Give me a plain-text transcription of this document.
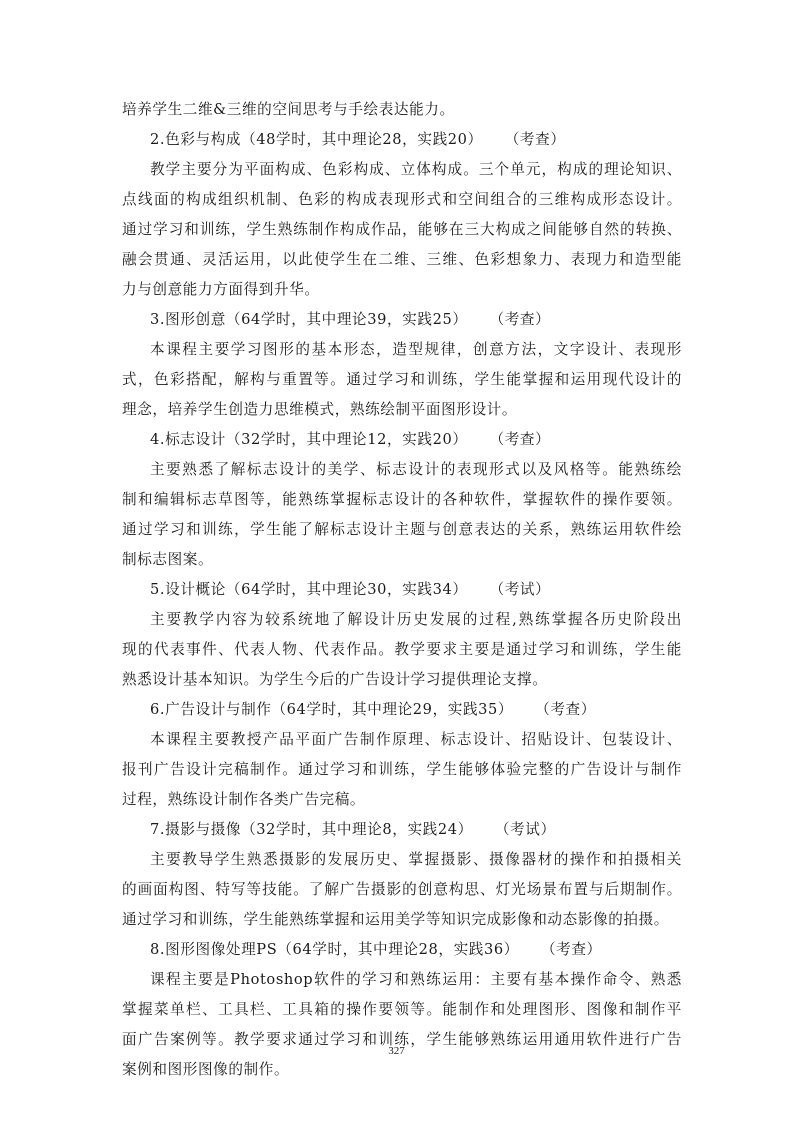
培养学生二维&三维的空间思考与手绘表达能力。
2.色彩与构成（48学时，其中理论28，实践20） （考查）
教学主要分为平面构成、色彩构成、立体构成。三个单元，构成的理论知识、
点线面的构成组织机制、色彩的构成表现形式和空间组合的三维构成形态设计。
通过学习和训练，学生熟练制作构成作品，能够在三大构成之间能够自然的转换、
融会贯通、灵活运用，以此使学生在二维、三维、色彩想象力、表现力和造型能
力与创意能力方面得到升华。
3.图形创意（64学时，其中理论39，实践25） （考查）
本课程主要学习图形的基本形态，造型规律，创意方法，文字设计、表现形
式，色彩搭配，解构与重置等。通过学习和训练，学生能掌握和运用现代设计的
理念，培养学生创造力思维模式，熟练绘制平面图形设计。
4.标志设计（32学时，其中理论12，实践20） （考查）
主要熟悉了解标志设计的美学、标志设计的表现形式以及风格等。能熟练绘
制和编辑标志草图等，能熟练掌握标志设计的各种软件，掌握软件的操作要领。
通过学习和训练，学生能了解标志设计主题与创意表达的关系，熟练运用软件绘
制标志图案。
5.设计概论（64学时，其中理论30，实践34） （考试）
主要教学内容为较系统地了解设计历史发展的过程,熟练掌握各历史阶段出
现的代表事件、代表人物、代表作品。教学要求主要是通过学习和训练，学生能
熟悉设计基本知识。为学生今后的广告设计学习提供理论支撑。
6.广告设计与制作（64学时，其中理论29，实践35） （考查）
本课程主要教授产品平面广告制作原理、标志设计、招贴设计、包装设计、
报刊广告设计完稿制作。通过学习和训练，学生能够体验完整的广告设计与制作
过程，熟练设计制作各类广告完稿。
7.摄影与摄像（32学时，其中理论8，实践24） （考试）
主要教导学生熟悉摄影的发展历史、掌握摄影、摄像器材的操作和拍摄相关
的画面构图、特写等技能。了解广告摄影的创意构思、灯光场景布置与后期制作。
通过学习和训练，学生能熟练掌握和运用美学等知识完成影像和动态影像的拍摄。
8.图形图像处理PS（64学时，其中理论28，实践36） （考查）
课程主要是Photoshop软件的学习和熟练运用：主要有基本操作命令、熟悉
掌握菜单栏、工具栏、工具箱的操作要领等。能制作和处理图形、图像和制作平
面广告案例等。教学要求通过学习和训练，学生能够熟练运用通用软件进行广告
案例和图形图像的制作。
327
